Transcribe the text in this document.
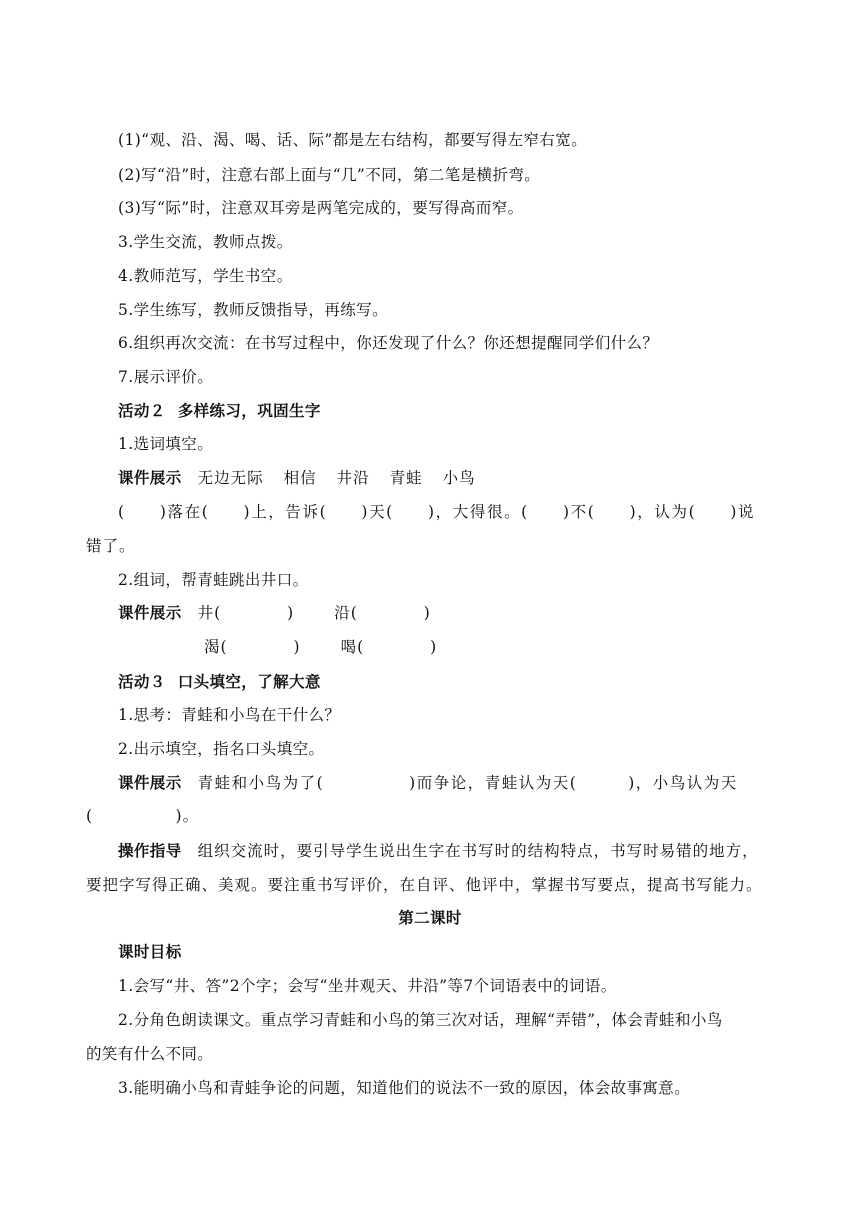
(1)“观、沿、渴、喝、话、际”都是左右结构，都要写得左窄右宽。
(2)写“沿”时，注意右部上面与“几”不同，第二笔是横折弯。
(3)写“际”时，注意双耳旁是两笔完成的，要写得高而窄。
3.学生交流，教师点拨。
4.教师范写，学生书空。
5.学生练写，教师反馈指导，再练写。
6.组织再次交流：在书写过程中，你还发现了什么？你还想提醒同学们什么？
7.展示评价。
活动２ 多样练习，巩固生字
1.选词填空。
课件展示 无边无际 相信 井沿 青蛙 小鸟
(　　)落在(　　)上，告诉(　　)天(　　)，大得很。(　　)不(　　)，认为(　　)说
错了。
2.组词，帮青蛙跳出井口。
课件展示 井(　　　　)	沿(　　　　)
渴(　　　　)	喝(　　　　)
活动３ 口头填空，了解大意
1.思考：青蛙和小鸟在干什么？
2.出示填空，指名口头填空。
课件展示 青蛙和小鸟为了(　　　　　)而争论，青蛙认为天(　　　)，小鸟认为天
(　　　　　)。
操作指导 组织交流时，要引导学生说出生字在书写时的结构特点，书写时易错的地方，
要把字写得正确、美观。要注重书写评价，在自评、他评中，掌握书写要点，提高书写能力。
第二课时
课时目标
1.会写“井、答”2个字；会写“坐井观天、井沿”等7个词语表中的词语。
2.分角色朗读课文。重点学习青蛙和小鸟的第三次对话，理解“弄错”，体会青蛙和小鸟
的笑有什么不同。
3.能明确小鸟和青蛙争论的问题，知道他们的说法不一致的原因，体会故事寓意。
